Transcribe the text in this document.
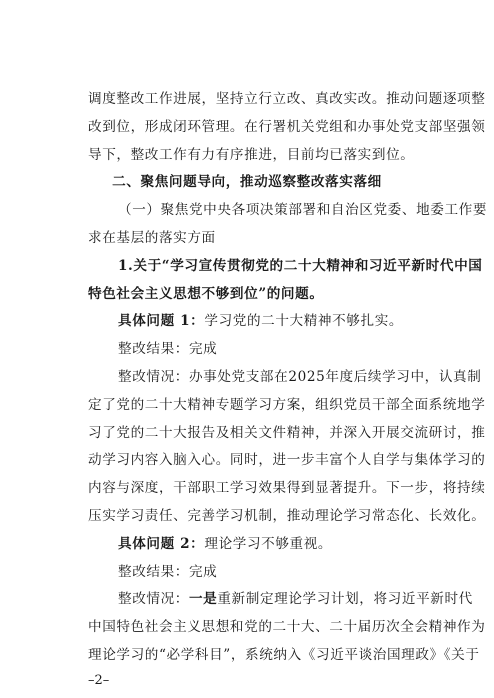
调度整改工作进展，坚持立行立改、真改实改。推动问题逐项整
改到位，形成闭环管理。在行署机关党组和办事处党支部坚强领
导下，整改工作有力有序推进，目前均已落实到位。
二、聚焦问题导向，推动巡察整改落实落细
（一）聚焦党中央各项决策部署和自治区党委、地委工作要
求在基层的落实方面
1.关于“学习宣传贯彻党的二十大精神和习近平新时代中国
特色社会主义思想不够到位”的问题。
具体问题 1：学习党的二十大精神不够扎实。
整改结果：完成
整改情况：办事处党支部在2025年度后续学习中，认真制
定了党的二十大精神专题学习方案，组织党员干部全面系统地学
习了党的二十大报告及相关文件精神，并深入开展交流研讨，推
动学习内容入脑入心。同时，进一步丰富个人自学与集体学习的
内容与深度，干部职工学习效果得到显著提升。下一步，将持续
压实学习责任、完善学习机制，推动理论学习常态化、长效化。
具体问题 2：理论学习不够重视。
整改结果：完成
整改情况：一是重新制定理论学习计划，将习近平新时代
中国特色社会主义思想和党的二十大、二十届历次全会精神作为
理论学习的“必学科目”，系统纳入《习近平谈治国理政》《关于
–2–
